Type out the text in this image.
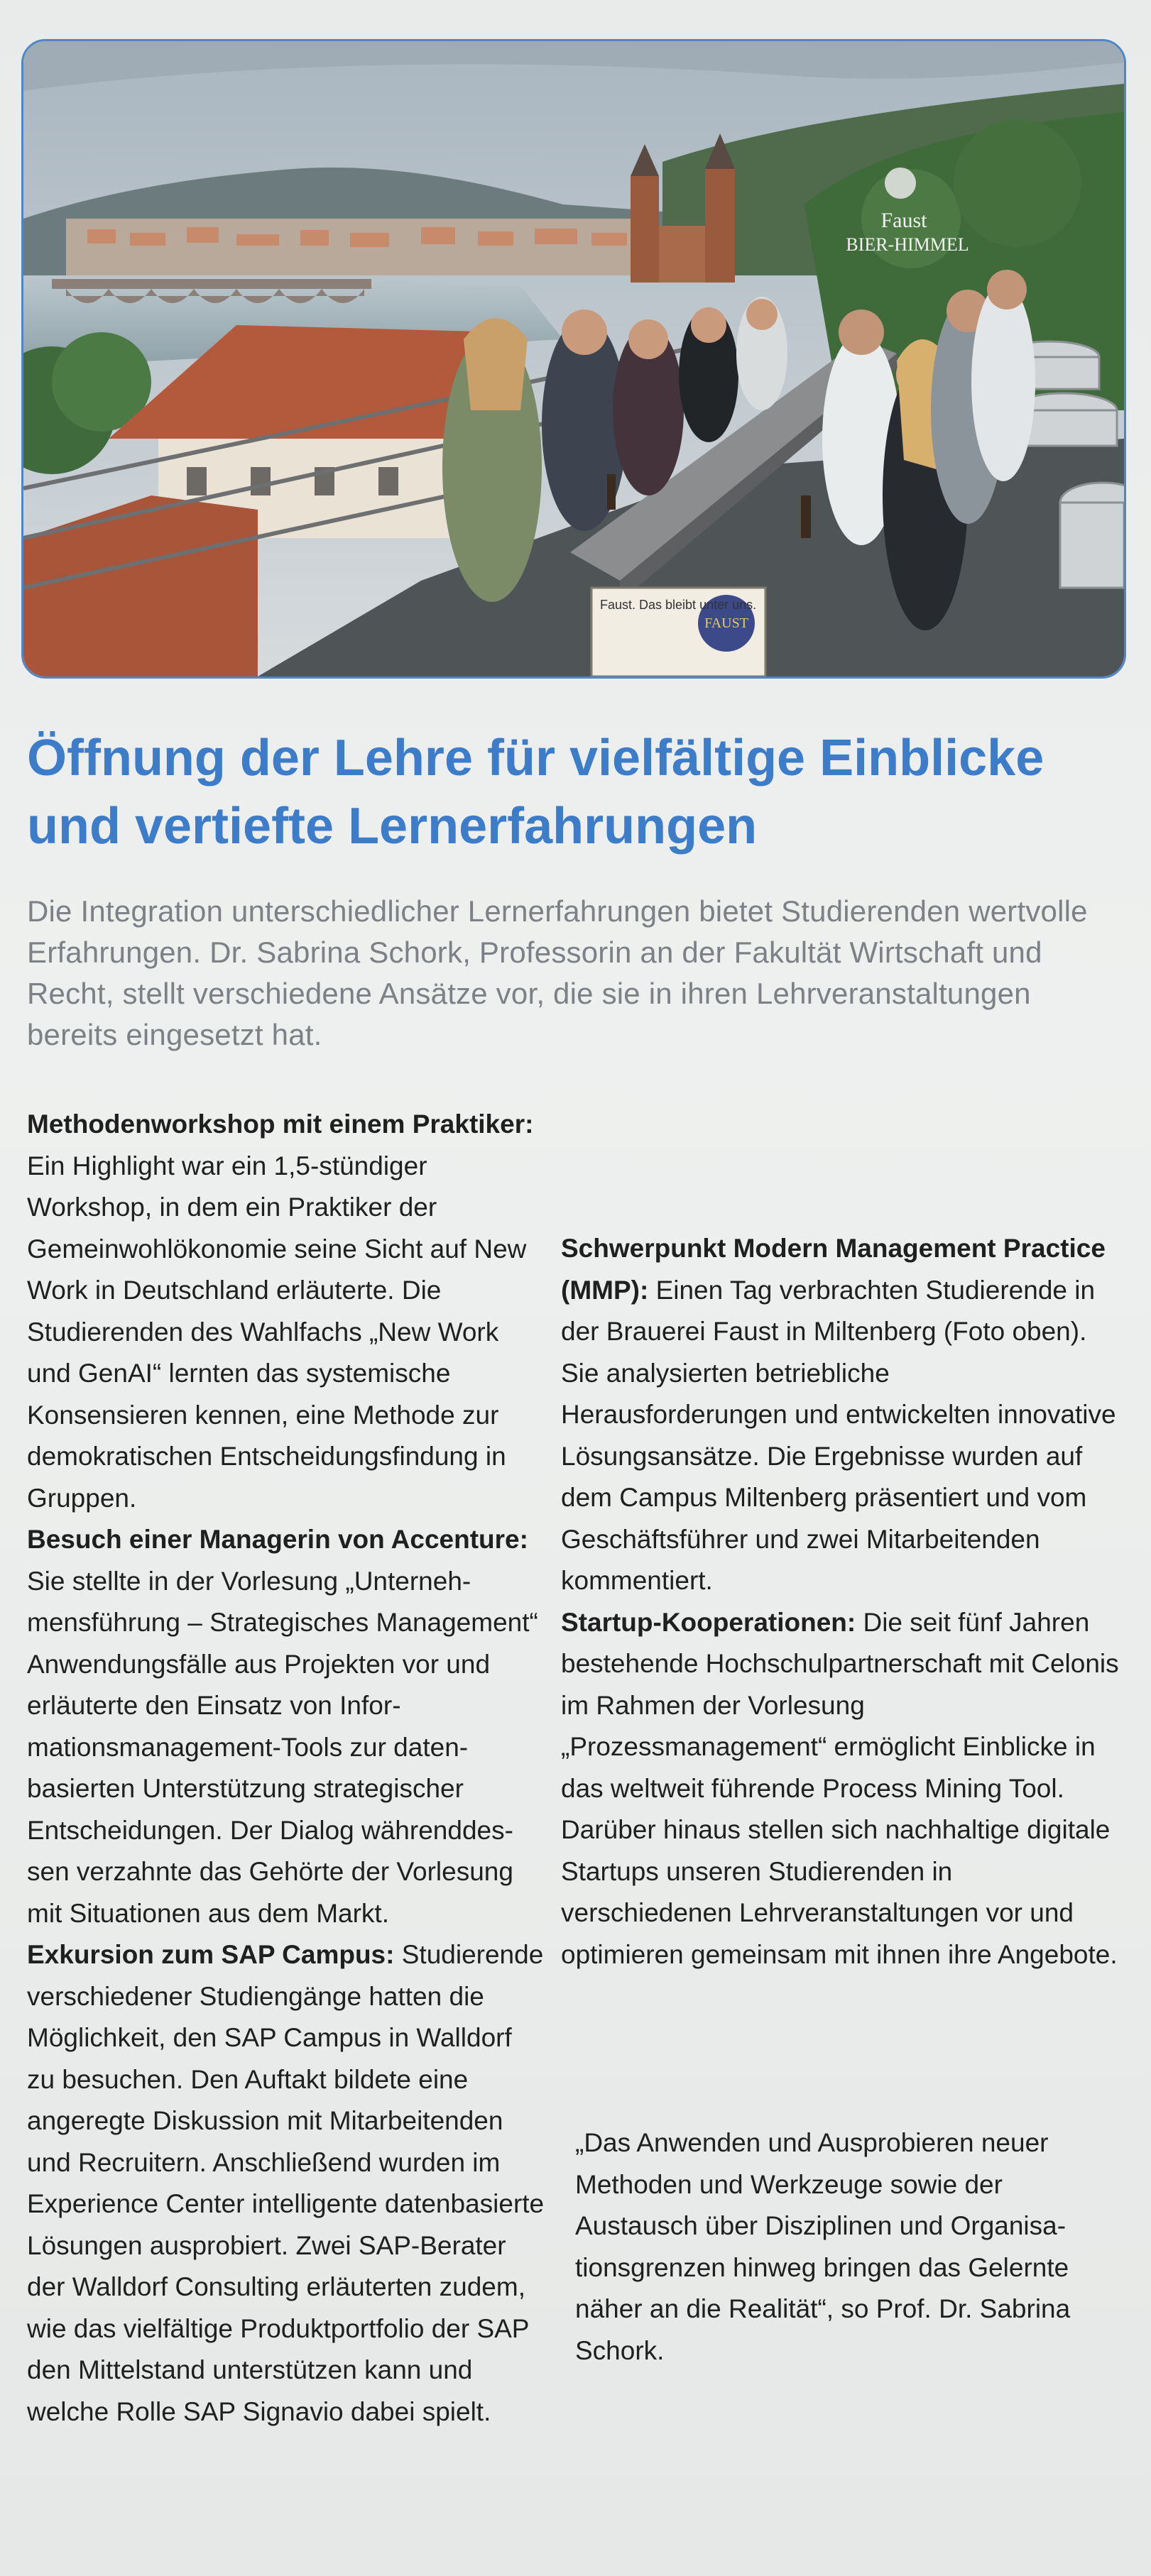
Faust
BIER-HIMMEL
FAUST
Faust. Das bleibt unter uns.
Öffnung der Lehre für vielfältige Einblicke und vertiefte Lernerfahrungen

Die Integration unterschiedlicher Lernerfahrungen bietet Studierenden wertvolle Erfahrungen. Dr. Sabrina Schork, Professorin an der Fakultät Wirtschaft und Recht, stellt verschiedene Ansätze vor, die sie in ihren Lehrveranstaltungen bereits eingesetzt hat.

Methodenworkshop mit einem Praktiker: Ein Highlight war ein 1,5-stündiger Workshop, in dem ein Praktiker der Gemeinwohlökonomie seine Sicht auf New Work in Deutschland erläuterte. Die Studierenden des Wahlfachs „New Work und GenAI“ lernten das systemische Konsensieren kennen, eine Methode zur demokratischen Entscheidungsfindung in Gruppen.

Besuch einer Managerin von Accenture: Sie stellte in der Vorlesung „Unternehmensführung – Strategisches Management“ Anwendungsfälle aus Projekten vor und erläuterte den Einsatz von Informationsmanagement-Tools zur datenbasierten Unterstützung strategischer Entscheidungen. Der Dialog währenddessen verzahnte das Gehörte der Vorlesung mit Situationen aus dem Markt.

Exkursion zum SAP Campus: Studierende verschiedener Studiengänge hatten die Möglichkeit, den SAP Campus in Walldorf zu besuchen. Den Auftakt bildete eine angeregte Diskussion mit Mitarbeitenden und Recruitern. Anschließend wurden im Experience Center intelligente datenbasierte Lösungen ausprobiert. Zwei SAP-Berater der Walldorf Consulting erläuterten zudem, wie das vielfältige Produktportfolio der SAP den Mittelstand unterstützen kann und welche Rolle SAP Signavio dabei spielt.

Schwerpunkt Modern Management Practice (MMP): Einen Tag verbrachten Studierende in der Brauerei Faust in Miltenberg (Foto oben). Sie analysierten betriebliche Herausforderungen und entwickelten innovative Lösungsansätze. Die Ergebnisse wurden auf dem Campus Miltenberg präsentiert und vom Geschäftsführer und zwei Mitarbeitenden kommentiert.

Startup-Kooperationen: Die seit fünf Jahren bestehende Hochschulpartnerschaft mit Celonis im Rahmen der Vorlesung „Prozessmanagement“ ermöglicht Einblicke in das weltweit führende Process Mining Tool. Darüber hinaus stellen sich nachhaltige digitale Startups unseren Studierenden in verschiedenen Lehrveranstaltungen vor und optimieren gemeinsam mit ihnen ihre Angebote.

„Das Anwenden und Ausprobieren neuer Methoden und Werkzeuge sowie der Austausch über Disziplinen und Organisationsgrenzen hinweg bringen das Gelernte näher an die Realität“, so Prof. Dr. Sabrina Schork.
